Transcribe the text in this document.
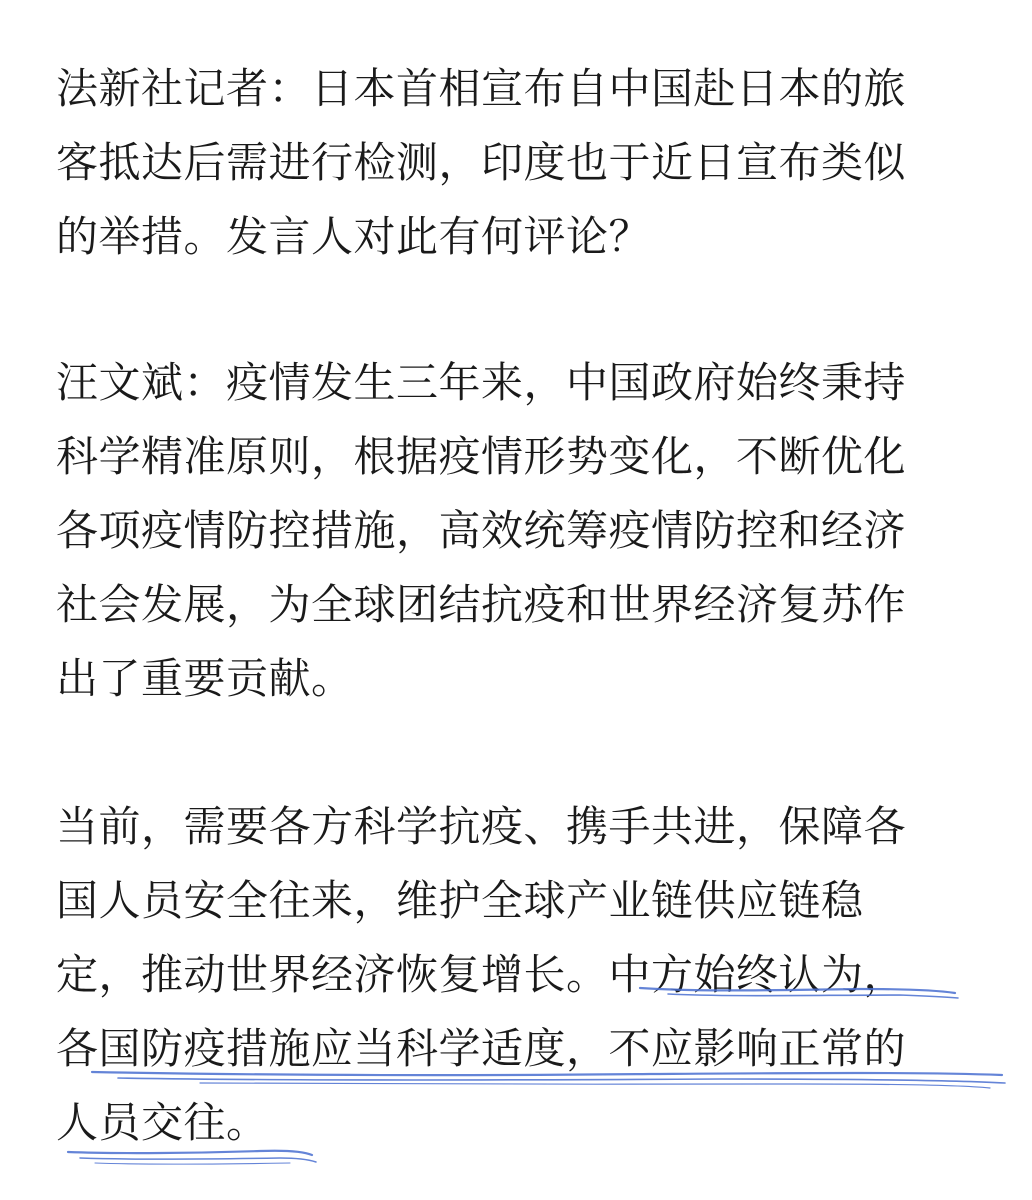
法新社记者：日本首相宣布自中国赴日本的旅
客抵达后需进行检测，印度也于近日宣布类似
的举措。发言人对此有何评论？

汪文斌：疫情发生三年来，中国政府始终秉持
科学精准原则，根据疫情形势变化，不断优化
各项疫情防控措施，高效统筹疫情防控和经济
社会发展，为全球团结抗疫和世界经济复苏作
出了重要贡献。

当前，需要各方科学抗疫、携手共进，保障各
国人员安全往来，维护全球产业链供应链稳
定，推动世界经济恢复增长。中方始终认为，
各国防疫措施应当科学适度，不应影响正常的
人员交往。
